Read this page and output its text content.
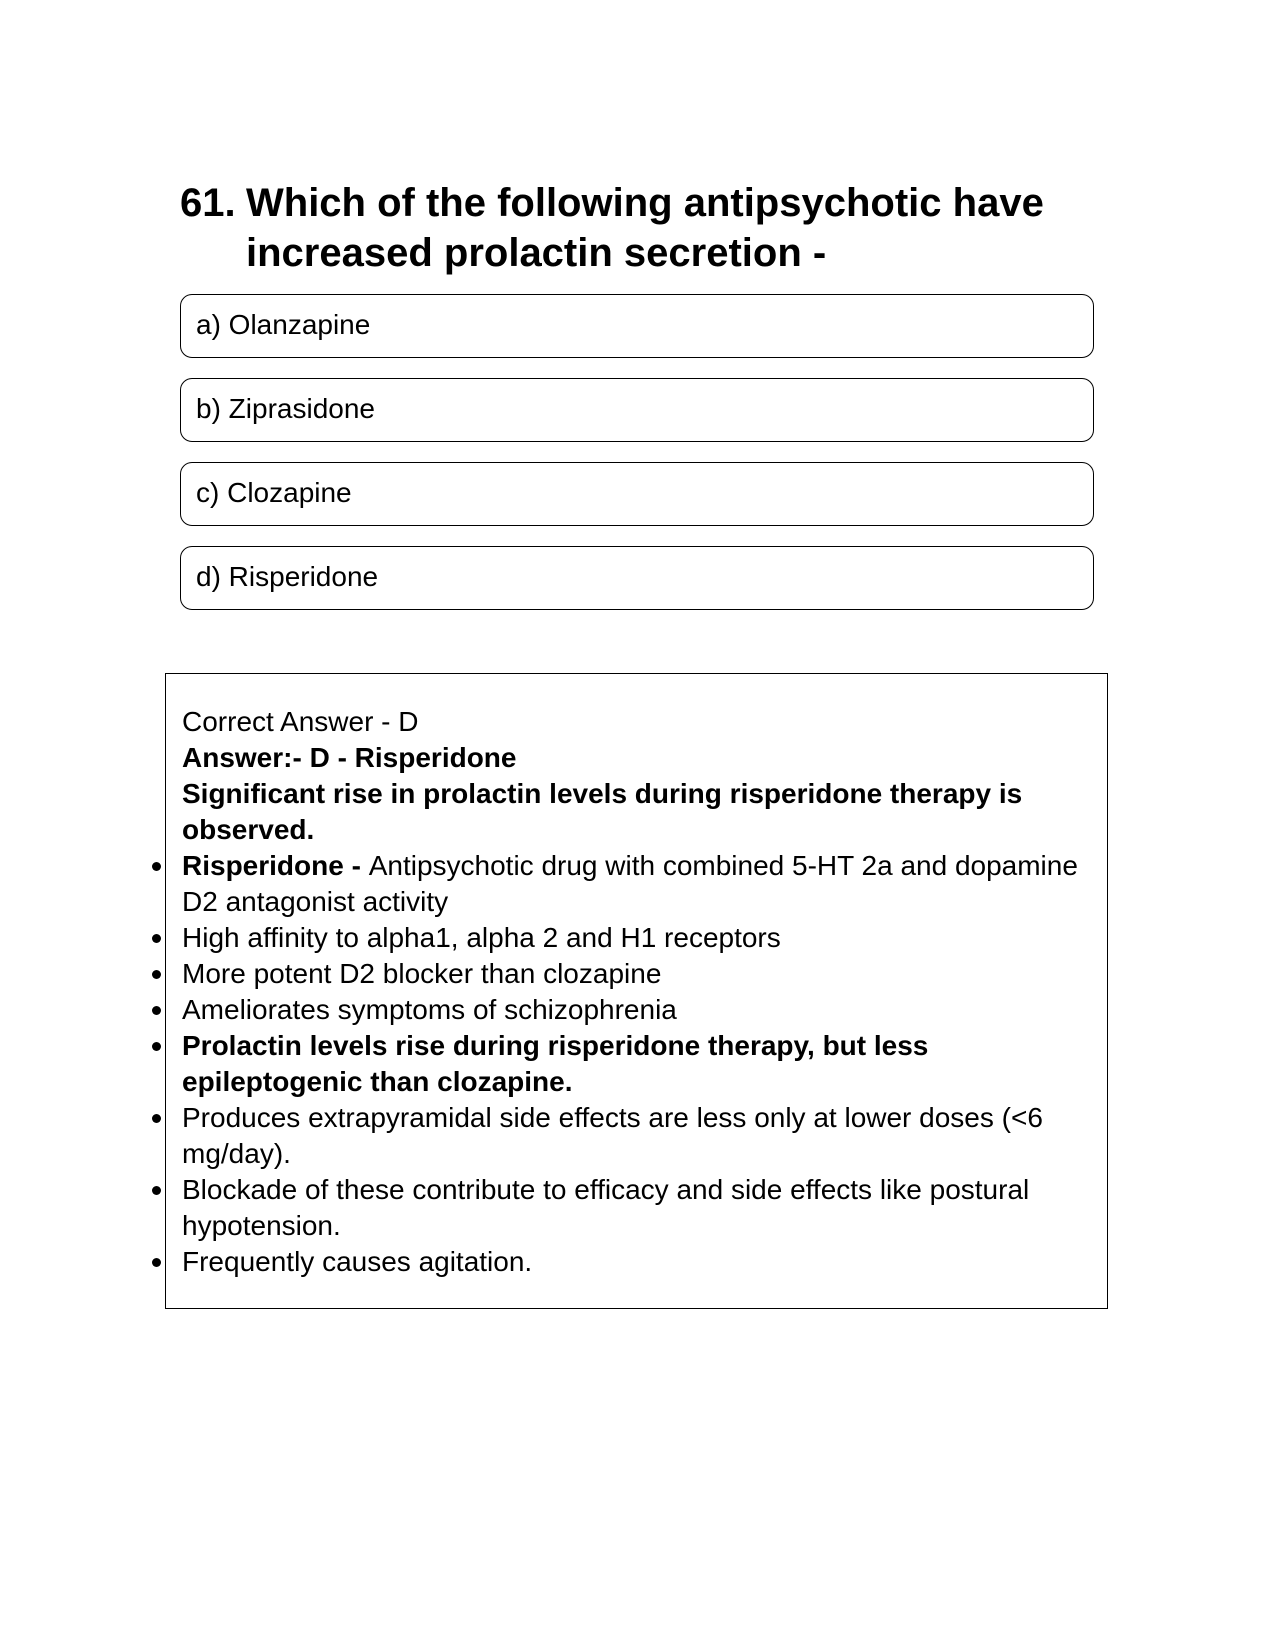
61. Which of the following antipsychotic have increased prolactin secretion -
a) Olanzapine
b) Ziprasidone
c) Clozapine
d) Risperidone

Correct Answer - D

Answer:- D - Risperidone

Significant rise in prolactin levels during risperidone therapy is observed.

Risperidone - Antipsychotic drug with combined 5-HT 2a and dopamine D2 antagonist activity
High affinity to alpha1, alpha 2 and H1 receptors
More potent D2 blocker than clozapine
Ameliorates symptoms of schizophrenia
Prolactin levels rise during risperidone therapy, but less epileptogenic than clozapine.
Produces extrapyramidal side effects are less only at lower doses (<6 mg/day).
Blockade of these contribute to efficacy and side effects like postural hypotension.
Frequently causes agitation.
